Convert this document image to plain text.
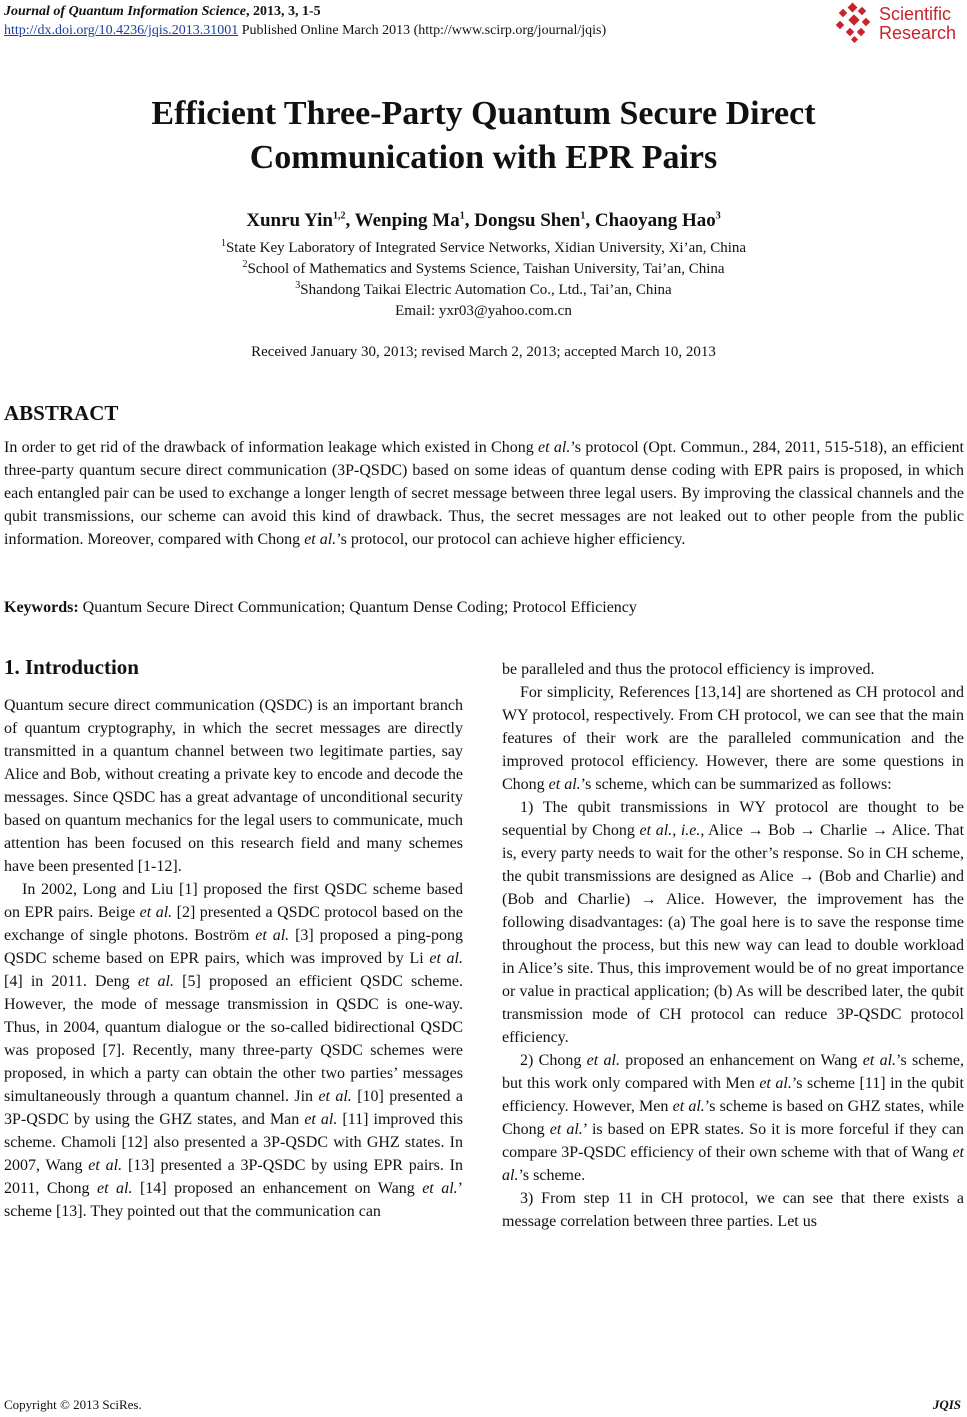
Journal of Quantum Information Science, 2013, 3, 1-5
http://dx.doi.org/10.4236/jqis.2013.31001 Published Online March 2013 (http://www.scirp.org/journal/jqis)
Scientific
Research
Efficient Three-Party Quantum Secure Direct
Communication with EPR Pairs
Xunru Yin$^{1,2}$, Wenping Ma$^1$, Dongsu Shen$^1$, Chaoyang Hao$^3$
$^1$State Key Laboratory of Integrated Service Networks, Xidian University, Xi’an, China
$^2$School of Mathematics and Systems Science, Taishan University, Tai’an, China
$^3$Shandong Taikai Electric Automation Co., Ltd., Tai’an, China
Email: yxr03@yahoo.com.cn
Received January 30, 2013; revised March 2, 2013; accepted March 10, 2013
ABSTRACT
In order to get rid of the drawback of information leakage which existed in Chong et al.’s protocol (Opt. Commun., 284, 2011, 515-518), an efficient three-party quantum secure direct communication (3P-QSDC) based on some ideas of quantum dense coding with EPR pairs is proposed, in which each entangled pair can be used to exchange a longer length of secret message between three legal users. By improving the classical channels and the qubit transmissions, our scheme can avoid this kind of drawback. Thus, the secret messages are not leaked out to other people from the public information. Moreover, compared with Chong et al.’s protocol, our protocol can achieve higher efficiency.
Keywords: Quantum Secure Direct Communication; Quantum Dense Coding; Protocol Efficiency
1. Introduction

Quantum secure direct communication (QSDC) is an important branch of quantum cryptography, in which the secret messages are directly transmitted in a quantum channel between two legitimate parties, say Alice and Bob, without creating a private key to encode and decode the messages. Since QSDC has a great advantage of unconditional security based on quantum mechanics for the legal users to communicate, much attention has been focused on this research field and many schemes have been presented [1-12].

In 2002, Long and Liu [1] proposed the first QSDC scheme based on EPR pairs. Beige et al. [2] presented a QSDC protocol based on the exchange of single photons. Boström et al. [3] proposed a ping-pong QSDC scheme based on EPR pairs, which was improved by Li et al. [4] in 2011. Deng et al. [5] proposed an efficient QSDC scheme. However, the mode of message transmission in QSDC is one-way. Thus, in 2004, quantum dialogue or the so-called bidirectional QSDC was proposed [7]. Recently, many three-party QSDC schemes were proposed, in which a party can obtain the other two parties’ messages simultaneously through a quantum channel. Jin et al. [10] presented a 3P-QSDC by using the GHZ states, and Man et al. [11] improved this scheme. Chamoli [12] also presented a 3P-QSDC with GHZ states. In 2007, Wang et al. [13] presented a 3P-QSDC by using EPR pairs. In 2011, Chong et al. [14] proposed an enhancement on Wang et al.’ scheme [13]. They pointed out that the communication can

be paralleled and thus the protocol efficiency is improved.

For simplicity, References [13,14] are shortened as CH protocol and WY protocol, respectively. From CH protocol, we can see that the main features of their work are the paralleled communication and the improved protocol efficiency. However, there are some questions in Chong et al.’s scheme, which can be summarized as follows:

1) The qubit transmissions in WY protocol are thought to be sequential by Chong et al., i.e., Alice → Bob → Charlie → Alice. That is, every party needs to wait for the other’s response. So in CH scheme, the qubit transmissions are designed as Alice → (Bob and Charlie) and (Bob and Charlie) → Alice. However, the improvement has the following disadvantages: (a) The goal here is to save the response time throughout the process, but this new way can lead to double workload in Alice’s site. Thus, this improvement would be of no great importance or value in practical application; (b) As will be described later, the qubit transmission mode of CH protocol can reduce 3P-QSDC protocol efficiency.

2) Chong et al. proposed an enhancement on Wang et al.’s scheme, but this work only compared with Men et al.’s scheme [11] in the qubit efficiency. However, Men et al.’s scheme is based on GHZ states, while Chong et al.’ is based on EPR states. So it is more forceful if they can compare 3P-QSDC efficiency of their own scheme with that of Wang et al.’s scheme.

3) From step 11 in CH protocol, we can see that there exists a message correlation between three parties. Let us

Copyright © 2013 SciRes.	JQIS
